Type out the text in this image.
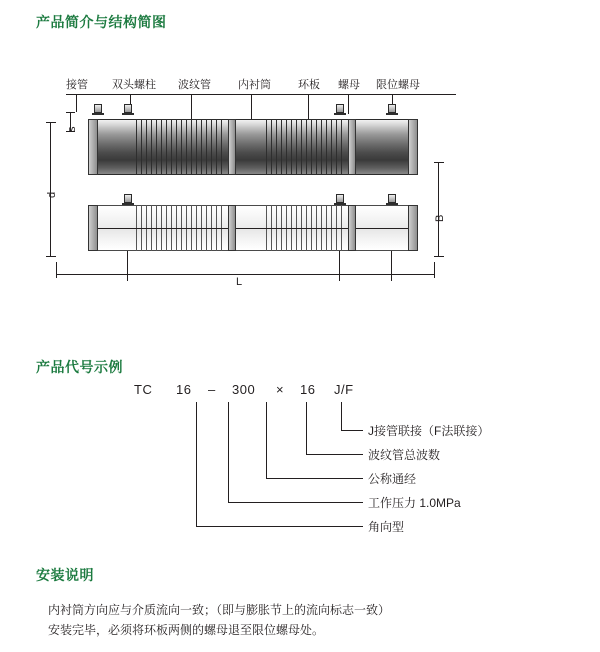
产品简介与结构简图
接管 双头螺柱 波纹管 内衬筒 环板 螺母 限位螺母
s
d
B
L
产品代号示例
TC 16 – 300 × 16 J/F
J接管联接（F法联接）
波纹管总波数
公称通经
工作压力 1.0MPa
角向型
安装说明
内衬筒方向应与介质流向一致；（即与膨胀节上的流向标志一致）
安装完毕，必须将环板两侧的螺母退至限位螺母处。
